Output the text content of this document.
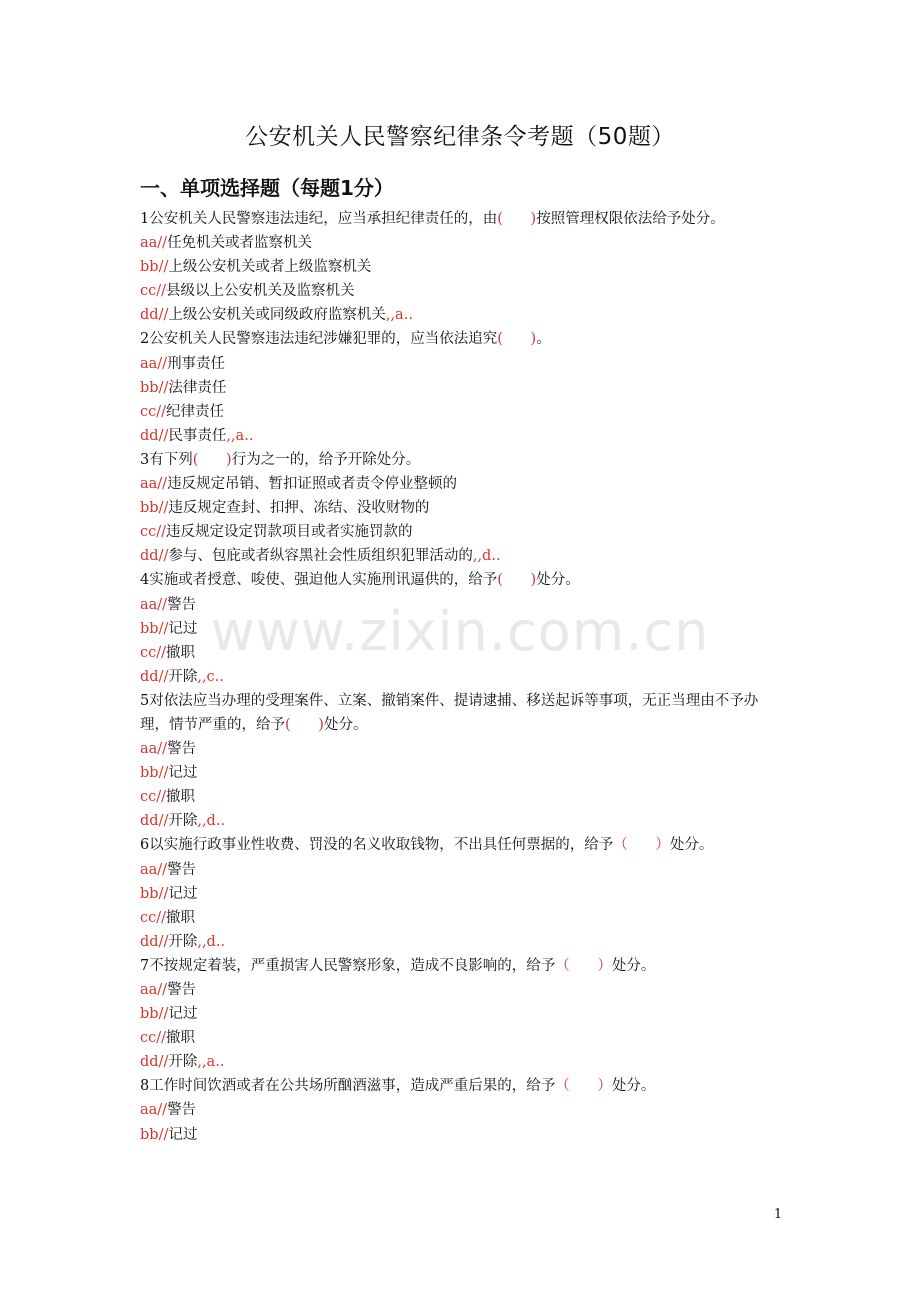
公安机关人民警察纪律条令考题（50题）
一、单项选择题（每题1分）
1公安机关人民警察违法违纪，应当承担纪律责任的，由(      )按照管理权限依法给予处分。
aa//任免机关或者监察机关
bb//上级公安机关或者上级监察机关
cc//县级以上公安机关及监察机关
dd//上级公安机关或同级政府监察机关,,a..
2公安机关人民警察违法违纪涉嫌犯罪的，应当依法追究(      )。
aa//刑事责任
bb//法律责任
cc//纪律责任
dd//民事责任,,a..
3有下列(      )行为之一的，给予开除处分。
aa//违反规定吊销、暂扣证照或者责令停业整顿的
bb//违反规定查封、扣押、冻结、没收财物的
cc//违反规定设定罚款项目或者实施罚款的
dd//参与、包庇或者纵容黑社会性质组织犯罪活动的,,d..
4实施或者授意、唆使、强迫他人实施刑讯逼供的，给予(      )处分。
aa//警告
bb//记过
cc//撤职
dd//开除,,c..
5对依法应当办理的受理案件、立案、撤销案件、提请逮捕、移送起诉等事项，无正当理由不予办理，情节严重的，给予(      )处分。
aa//警告
bb//记过
cc//撤职
dd//开除,,d..
6以实施行政事业性收费、罚没的名义收取钱物，不出具任何票据的，给予（      ）处分。
aa//警告
bb//记过
cc//撤职
dd//开除,,d..
7不按规定着装，严重损害人民警察形象，造成不良影响的，给予（      ）处分。
aa//警告
bb//记过
cc//撤职
dd//开除,,a..
8工作时间饮酒或者在公共场所酗酒滋事，造成严重后果的，给予（      ）处分。
aa//警告
bb//记过
www.zixin.com.cn
1
